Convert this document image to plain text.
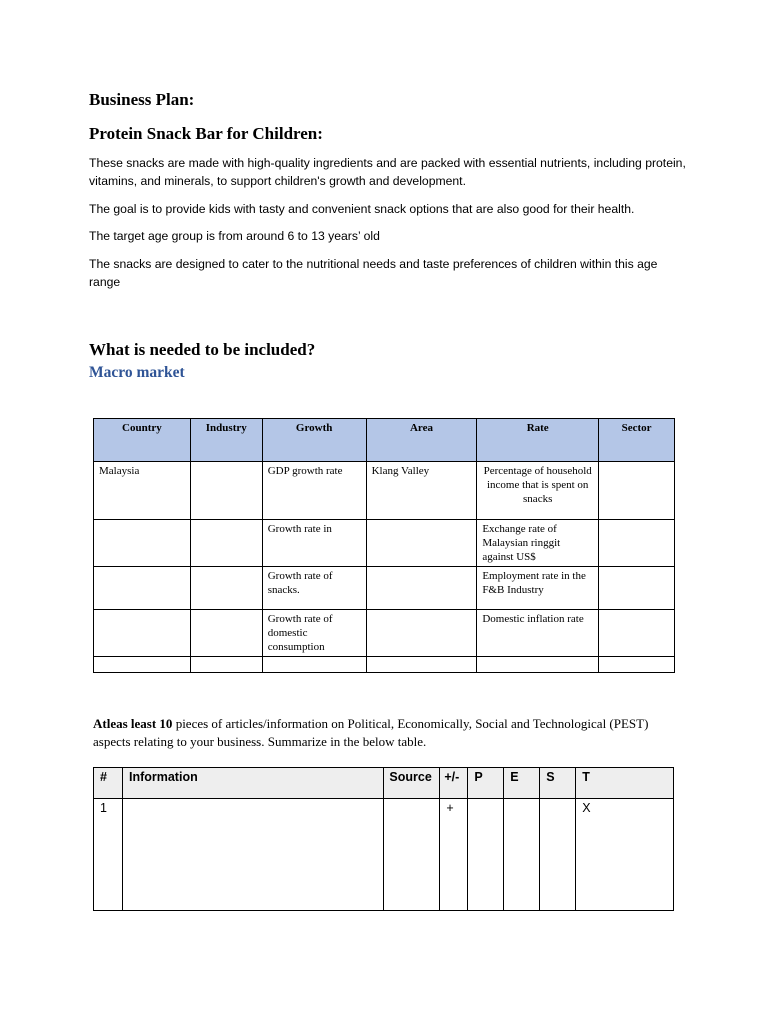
Business Plan:
Protein Snack Bar for Children:
These snacks are made with high-quality ingredients and are packed with essential nutrients, including protein, vitamins, and minerals, to support children's growth and development.
The goal is to provide kids with tasty and convenient snack options that are also good for their health.
The target age group is from around 6 to 13 years’ old
The snacks are designed to cater to the nutritional needs and taste preferences of children within this age range
What is needed to be included?
Macro market
Country	Industry	Growth	Area	Rate	Sector
Malaysia		GDP growth rate	Klang Valley	Percentage of household income that is spent on snacks	
		Growth rate in		Exchange rate of Malaysian ringgit against US$	
		Growth rate of snacks.		Employment rate in the F&B Industry	
		Growth rate of domestic consumption		Domestic inflation rate	

Atleas least 10 pieces of articles/information on Political, Economically, Social and Technological (PEST) aspects relating to your business. Summarize in the below table.
#	Information	Source	+/-	P	E	S	T
1			+				X
